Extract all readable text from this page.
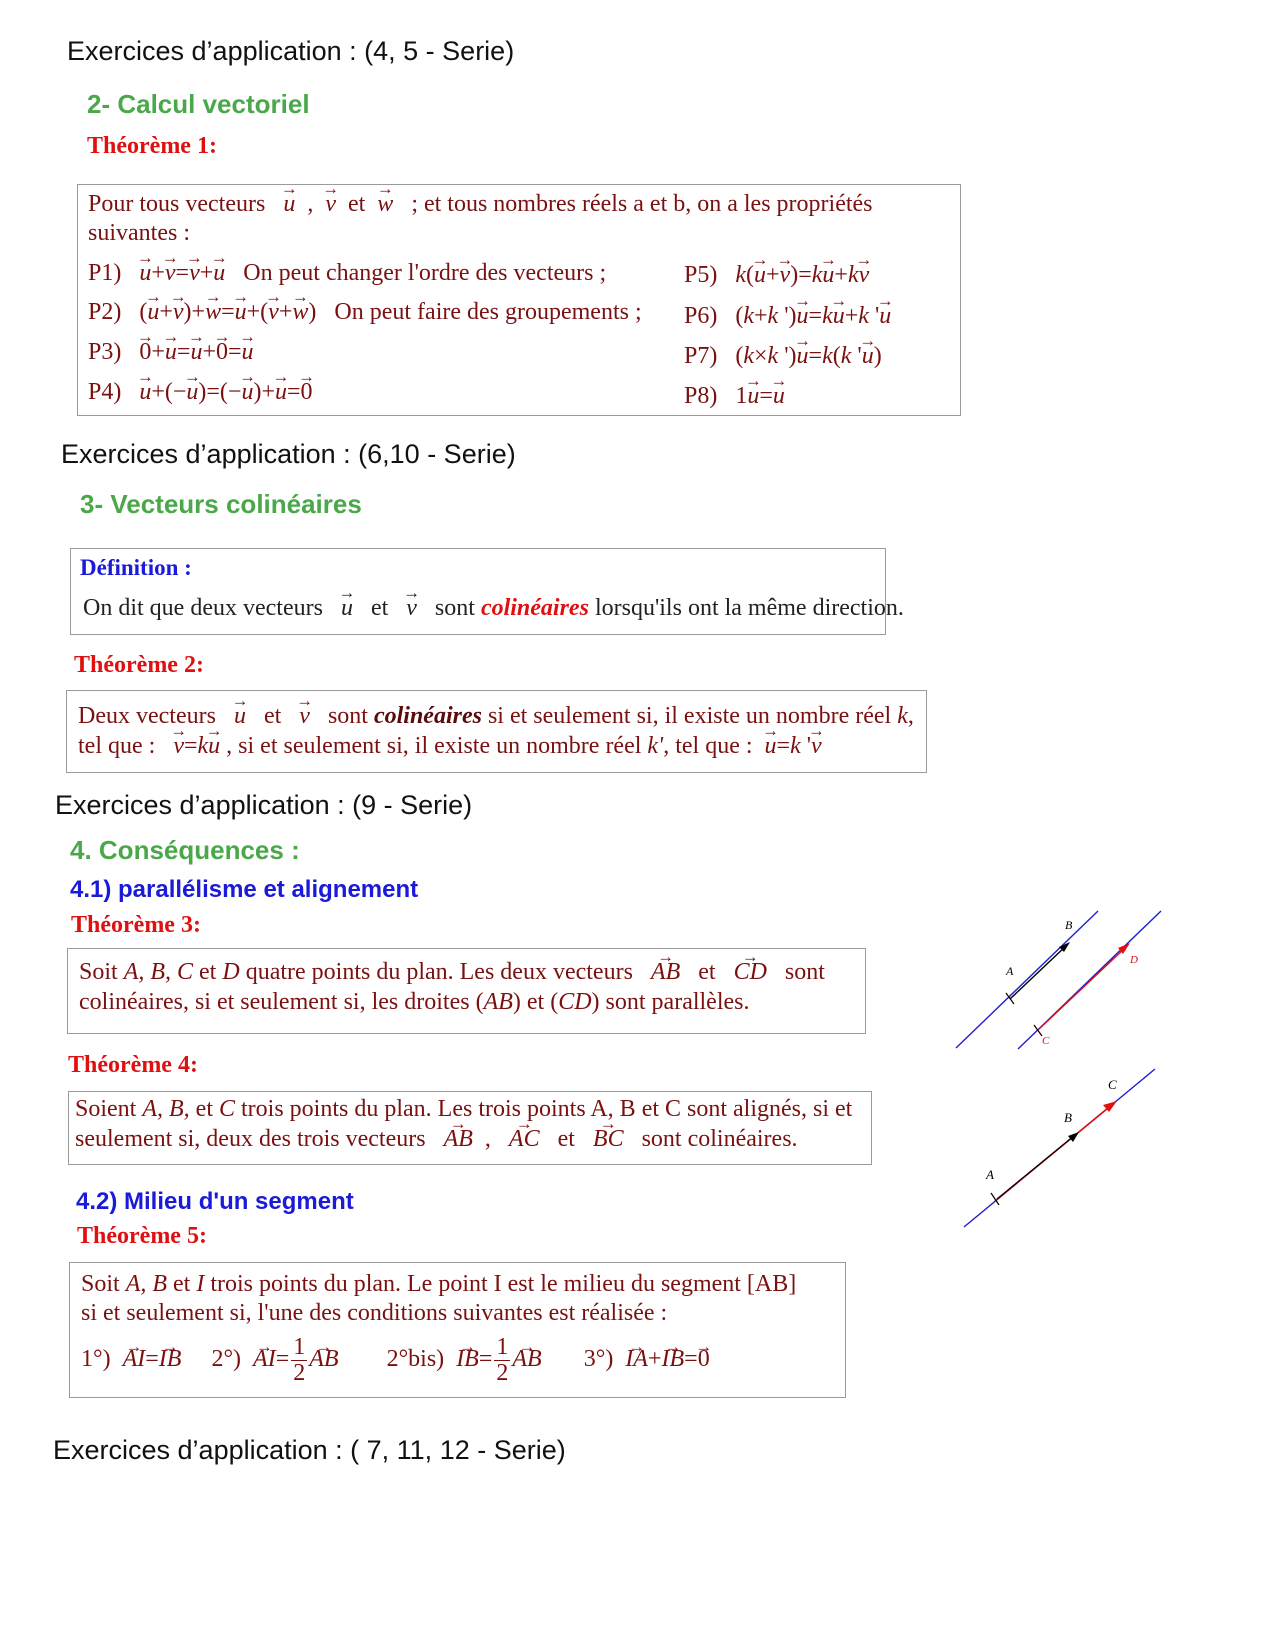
Exercices d’application : (4, 5 - Serie)
2- Calcul vectoriel
Théorème 1:
Pour tous vecteurs → u  ,  → v  et  → w ; et tous nombres réels a et b, on a les propriétés
suivantes :
P1) → u+→ v=→ v+→ u On peut changer l'ordre des vecteurs ;
P2)   (→ u+→ v)+→ w=→ u+(→ v+→ w)   On peut faire des groupements ;
P3) → 0+→ u=→ u+→ 0=→ u
P4) → u+(−→ u)=(−→ u)+→ u=→ 0
P5) k(→ u+→ v)=k→ u+k→ v
P6)   (k+k ')→ u=k→ u+k '→ u
P7)   (k×k ')→ u=k(k '→ u)
P8)   1→ u=→ u
Exercices d’application : (6,10 - Serie)
3- Vecteurs colinéaires
Définition :
On dit que deux vecteurs → u   et   → v sont colinéaires lorsqu'ils ont la même direction.
Théorème 2:
Deux vecteurs → u   et   → v sont colinéaires si et seulement si, il existe un nombre réel k,
tel que : → v=k→ u , si et seulement si, il existe un nombre réel k', tel que : → u=k '→ v
Exercices d’application : (9 - Serie)
4. Conséquences :
4.1) parallélisme et alignement
Théorème 3:
Soit A, B, C et D quatre points du plan. Les deux vecteurs → AB   et   → CD sont
colinéaires, si et seulement si, les droites (AB) et (CD) sont parallèles.
Théorème 4:
Soient A, B, et C trois points du plan. Les trois points A, B et C sont alignés, si et
seulement si, deux des trois vecteurs → AB  ,   → AC   et   → BC sont colinéaires.
4.2) Milieu d'un segment
Théorème 5:
Soit A, B et I trois points du plan. Le point I est le milieu du segment [AB]
si et seulement si, l'une des conditions suivantes est réalisée :
1°) → AI=→ IB $2^\circ) \to AI= \frac{1}{2}$ → AB $2^\circ bis) \to IB= \frac{1}{2}$ → AB 3°) → IA+→ IB=→ 0
Exercices d’application : ( 7, 11, 12 - Serie)
A
B
C
D
A
B
C
